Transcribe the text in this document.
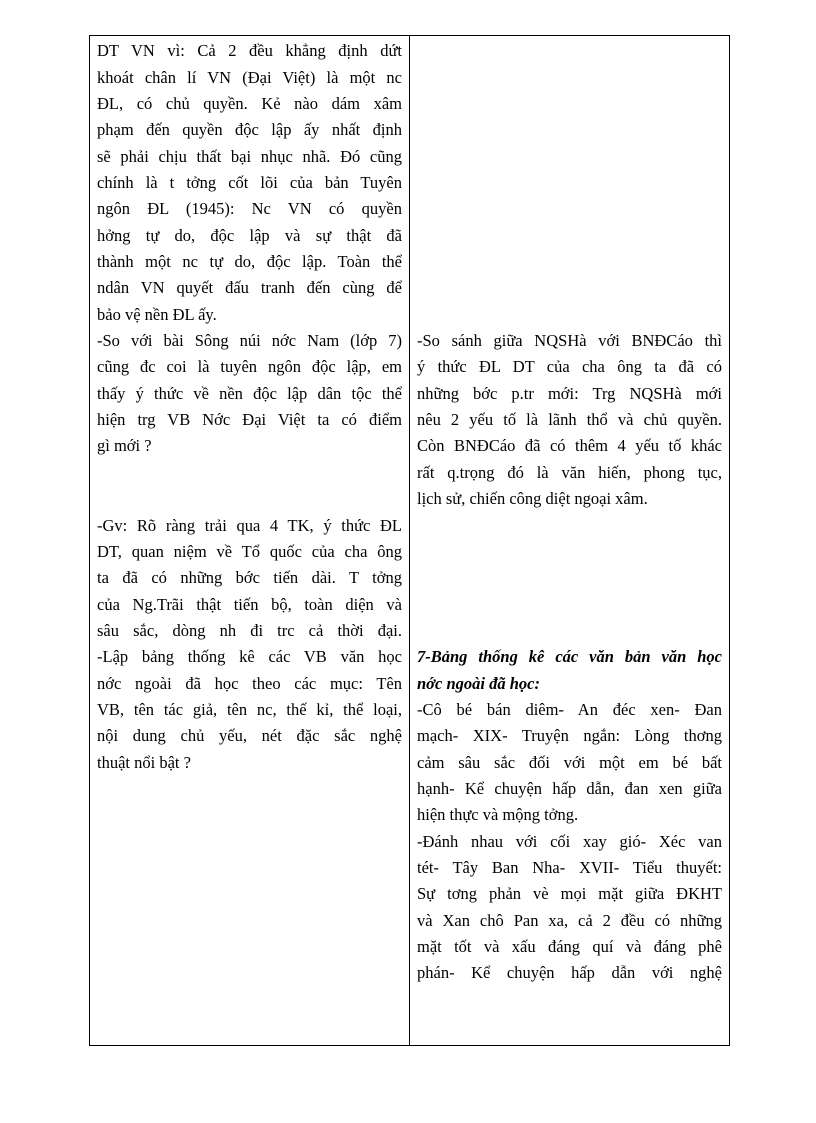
DT VN vì: Cả 2 đều khẳng định dứt
khoát chân lí VN (Đại Việt) là một nc
ĐL, có chủ quyền. Kẻ nào dám xâm
phạm đến quyền độc lập ấy nhất định
sẽ phải chịu thất bại nhục nhã. Đó cũng
chính là t tởng cốt lõi của bản Tuyên
ngôn ĐL (1945): Nc VN có quyền
hởng tự do, độc lập và sự thật đã
thành một nc tự do, độc lập. Toàn thể
ndân VN quyết đấu tranh đến cùng để
bảo vệ nền ĐL ấy.
-So với bài Sông núi nớc Nam (lớp 7)
cũng đc coi là tuyên ngôn độc lập, em
thấy ý thức về nền độc lập dân tộc thể
hiện trg VB Nớc Đại Việt ta có điểm
gì mới ?
-Gv: Rõ ràng trải qua 4 TK, ý thức ĐL
DT, quan niệm về Tổ quốc của cha ông
ta đã có những bớc tiến dài. T tởng
của Ng.Trãi thật tiến bộ, toàn diện và
sâu sắc, dòng nh đi trc cả thời đại.
-Lập bảng thống kê các VB văn học
nớc ngoài đã học theo các mục: Tên
VB, tên tác giả, tên nc, thế kỉ, thể loại,
nội dung chủ yếu, nét đặc sắc nghệ
thuật nổi bật ?

-So sánh giữa NQSHà với BNĐCáo thì
ý thức ĐL DT của cha ông ta đã có
những bớc p.tr mới: Trg NQSHà mới
nêu 2 yếu tố là lãnh thổ và chủ quyền.
Còn BNĐCáo đã có thêm 4 yếu tố khác
rất q.trọng đó là văn hiến, phong tục,
lịch sử, chiến công diệt ngoại xâm.
7-Bảng thống kê các văn bản văn học
nớc ngoài đã học:
-Cô bé bán diêm- An đéc xen- Đan
mạch- XIX- Truyện ngắn: Lòng thơng
cảm sâu sắc đối với một em bé bất
hạnh- Kể chuyện hấp dẫn, đan xen giữa
hiện thực và mộng tởng.
-Đánh nhau với cối xay gió- Xéc van
tét- Tây Ban Nha- XVII- Tiểu thuyết:
Sự tơng phản vè mọi mặt giữa ĐKHT
và Xan chô Pan xa, cả 2 đều có những
mặt tốt và xấu đáng quí và đáng phê
phán- Kể chuyện hấp dẫn với nghệ
